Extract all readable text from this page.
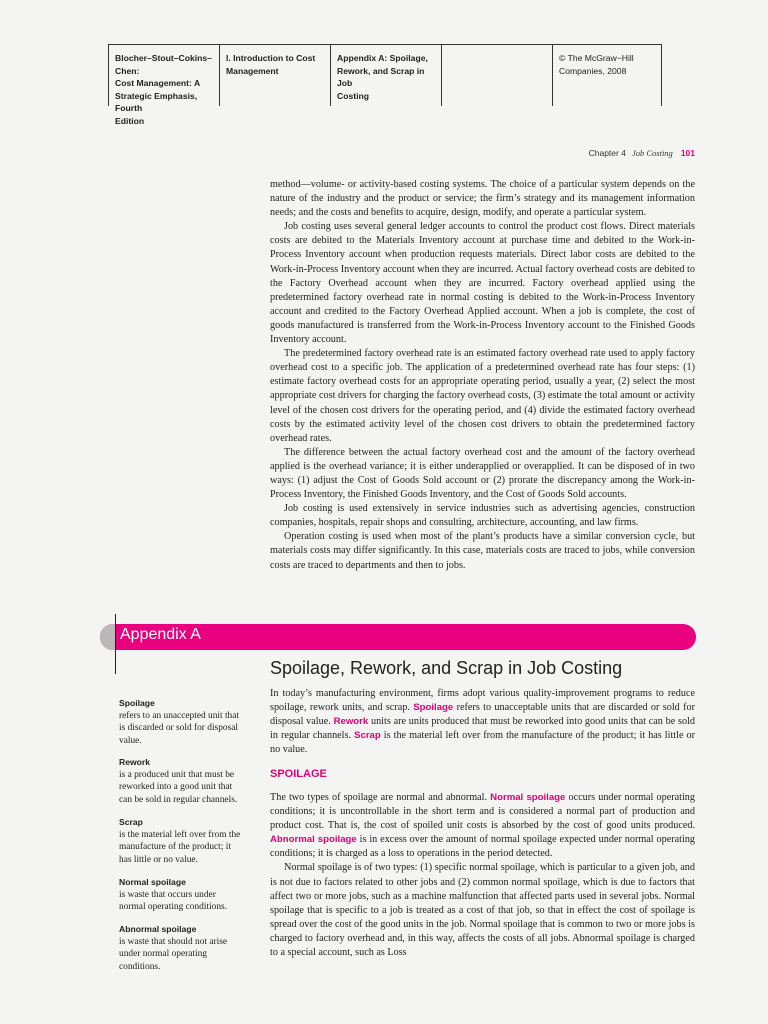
Blocher–Stout–Cokins–Chen:
Cost Management: A
Strategic Emphasis, Fourth
Edition
I. Introduction to Cost
Management
Appendix A: Spoilage,
Rework, and Scrap in Job
Costing
© The McGraw−Hill
Companies, 2008
Chapter 4 Job Costing 101

method—volume- or activity-based costing systems. The choice of a particular system depends on the nature of the industry and the product or service; the firm’s strategy and its management information needs; and the costs and benefits to acquire, design, modify, and operate a particular system.

Job costing uses several general ledger accounts to control the product cost flows. Direct materials costs are debited to the Materials Inventory account at purchase time and debited to the Work-in-Process Inventory account when production requests materials. Direct labor costs are debited to the Work-in-Process Inventory account when they are incurred. Actual factory overhead costs are debited to the Factory Overhead account when they are incurred. Factory overhead applied using the predetermined factory overhead rate in normal costing is debited to the Work-in-Process Inventory account and credited to the Factory Overhead Applied account. When a job is complete, the cost of goods manufactured is transferred from the Work-in-Process Inventory account to the Finished Goods Inventory account.

The predetermined factory overhead rate is an estimated factory overhead rate used to apply factory overhead cost to a specific job. The application of a predetermined overhead rate has four steps: (1) estimate factory overhead costs for an appropriate operating period, usually a year, (2) select the most appropriate cost drivers for charging the factory overhead costs, (3) estimate the total amount or activity level of the chosen cost drivers for the operating period, and (4) divide the estimated factory overhead costs by the estimated activity level of the chosen cost drivers to obtain the predetermined factory overhead rates.

The difference between the actual factory overhead cost and the amount of the factory overhead applied is the overhead variance; it is either underapplied or overapplied. It can be disposed of in two ways: (1) adjust the Cost of Goods Sold account or (2) prorate the discrepancy among the Work-in-Process Inventory, the Finished Goods Inventory, and the Cost of Goods Sold accounts.

Job costing is used extensively in service industries such as advertising agencies, construction companies, hospitals, repair shops and consulting, architecture, accounting, and law firms.

Operation costing is used when most of the plant’s products have a similar conversion cycle, but materials costs may differ significantly. In this case, materials costs are traced to jobs, while conversion costs are traced to departments and then to jobs.

Appendix A
Spoilage, Rework, and Scrap in Job Costing

In today’s manufacturing environment, firms adopt various quality-improvement programs to reduce spoilage, rework units, and scrap. Spoilage refers to unacceptable units that are discarded or sold for disposal value. Rework units are units produced that must be reworked into good units that can be sold in regular channels. Scrap is the material left over from the manufacture of the product; it has little or no value.

SPOILAGE

The two types of spoilage are normal and abnormal. Normal spoilage occurs under normal operating conditions; it is uncontrollable in the short term and is considered a normal part of production and product cost. That is, the cost of spoiled unit costs is absorbed by the cost of good units produced. Abnormal spoilage is in excess over the amount of normal spoilage expected under normal operating conditions; it is charged as a loss to operations in the period detected.

Normal spoilage is of two types: (1) specific normal spoilage, which is particular to a given job, and is not due to factors related to other jobs and (2) common normal spoilage, which is due to factors that affect two or more jobs, such as a machine malfunction that affected parts used in several jobs. Normal spoilage that is specific to a job is treated as a cost of that job, so that in effect the cost of spoilage is spread over the cost of the good units in the job. Normal spoilage that is common to two or more jobs is charged to factory overhead and, in this way, affects the costs of all jobs. Abnormal spoilage is charged to a special account, such as Loss

Spoilage
refers to an unaccepted unit that
is discarded or sold for disposal
value.
Rework
is a produced unit that must be
reworked into a good unit that
can be sold in regular channels.
Scrap
is the material left over from the
manufacture of the product; it
has little or no value.
Normal spoilage
is waste that occurs under
normal operating conditions.
Abnormal spoilage
is waste that should not arise
under normal operating
conditions.
